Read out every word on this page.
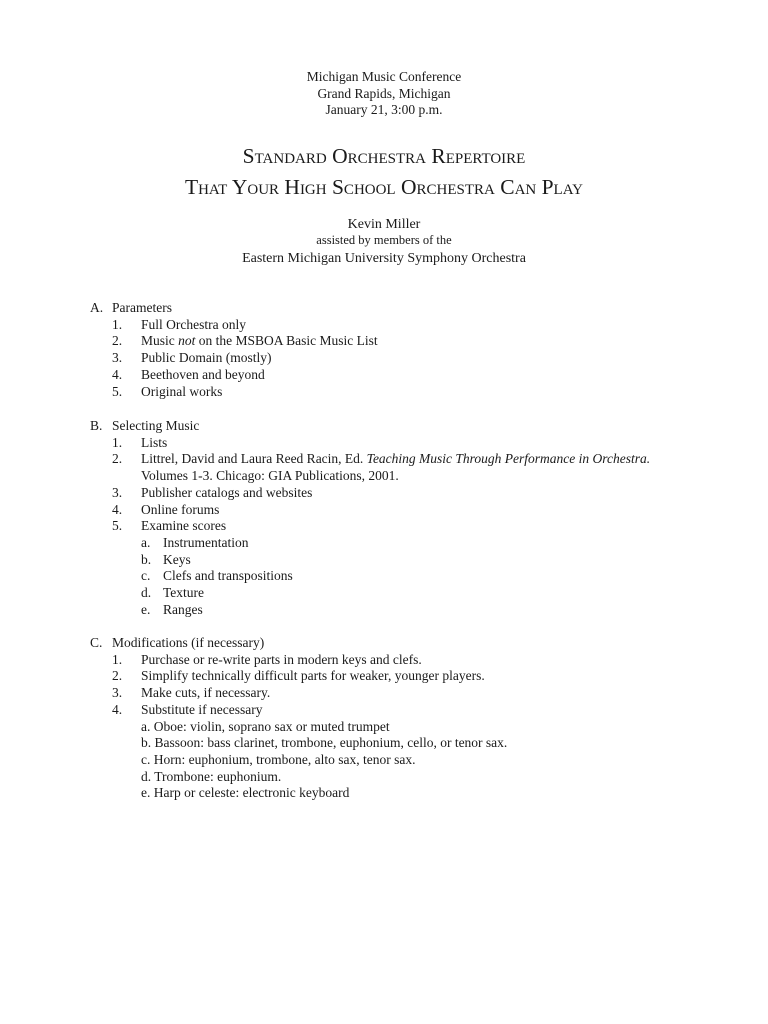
Michigan Music Conference
Grand Rapids, Michigan
January 21, 3:00 p.m.
Standard Orchestra Repertoire
That Your High School Orchestra Can Play
Kevin Miller
assisted by members of the
Eastern Michigan University Symphony Orchestra
A. Parameters
1. Full Orchestra only
2. Music not on the MSBOA Basic Music List
3. Public Domain (mostly)
4. Beethoven and beyond
5. Original works
B. Selecting Music
1. Lists
2. Littrel, David and Laura Reed Racin, Ed. Teaching Music Through Performance in Orchestra.
Volumes 1-3. Chicago: GIA Publications, 2001.
3. Publisher catalogs and websites
4. Online forums
5. Examine scores
a. Instrumentation
b. Keys
c. Clefs and transpositions
d. Texture
e. Ranges
C. Modifications (if necessary)
1. Purchase or re-write parts in modern keys and clefs.
2. Simplify technically difficult parts for weaker, younger players.
3. Make cuts, if necessary.
4. Substitute if necessary
a. Oboe: violin, soprano sax or muted trumpet
b. Bassoon: bass clarinet, trombone, euphonium, cello, or tenor sax.
c. Horn: euphonium, trombone, alto sax, tenor sax.
d. Trombone: euphonium.
e. Harp or celeste: electronic keyboard
